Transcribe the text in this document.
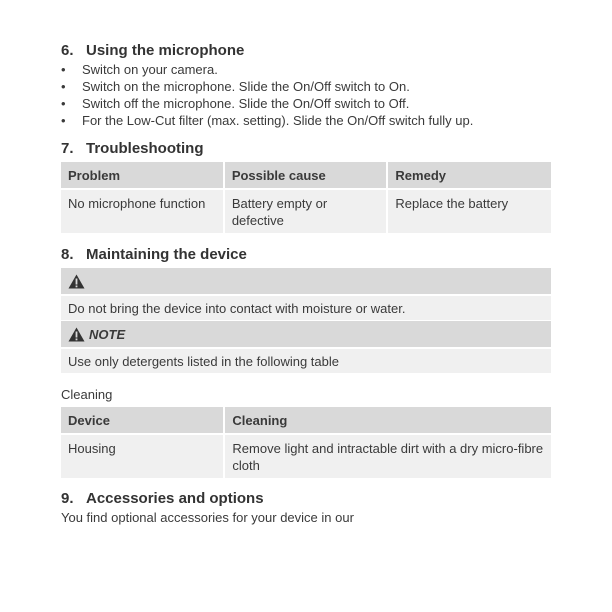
6. Using the microphone
• Switch on your camera.
• Switch on the microphone. Slide the On/Off switch to On.
• Switch off the microphone. Slide the On/Off switch to Off.
• For the Low-Cut filter (max. setting). Slide the On/Off switch fully up.
7. Troubleshooting
Problem	Possible cause	Remedy
No microphone function	Battery empty or defective	Replace the battery
8. Maintaining the device
Do not bring the device into contact with moisture or water.
NOTE
Use only detergents listed in the following table
Cleaning
Device	Cleaning
Housing	Remove light and intractable dirt with a dry micro-fibre cloth
9. Accessories and options
You find optional accessories for your device in our
